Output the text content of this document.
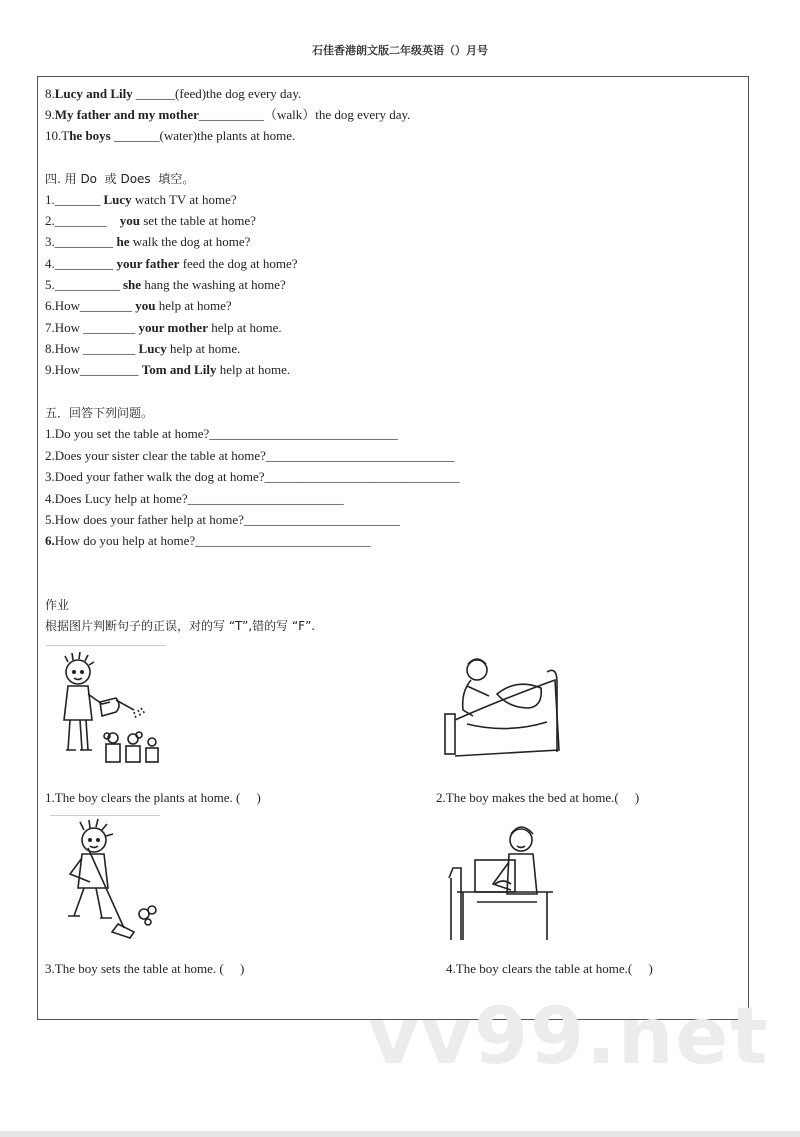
石佳香港朗文版二年级英语（）月号
8.Lucy and Lily ______(feed)the dog every day.
9.My father and my mother__________（walk）the dog every day.
10.The boys _______(water)the plants at home.
四. 用 Do  或 Does  填空。
1._______ Lucy watch TV at home?
2.________ you set the table at home?
3._________ he walk the dog at home?
4._________ your father feed the dog at home?
5.__________ she hang the washing at home?
6.How________ you help at home?
7.How ________ your mother help at home.
8.How ________ Lucy help at home.
9.How_________ Tom and Lily help at home.
五．回答下列问题。
1.Do you set the table at home?_____________________________
2.Does your sister clear the table at home?_____________________________
3.Doed your father walk the dog at home?______________________________
4.Does Lucy help at home?________________________
5.How does your father help at home?________________________
6.How do you help at home?___________________________
作业
根据图片判断句子的正误，对的写 “T”,错的写 “F”.
1.The boy clears the plants at home. (     )	2.The boy makes the bed at home.(     )
3.The boy sets the table at home. (     )	4.The boy clears the table at home.(     )
vv99.net
